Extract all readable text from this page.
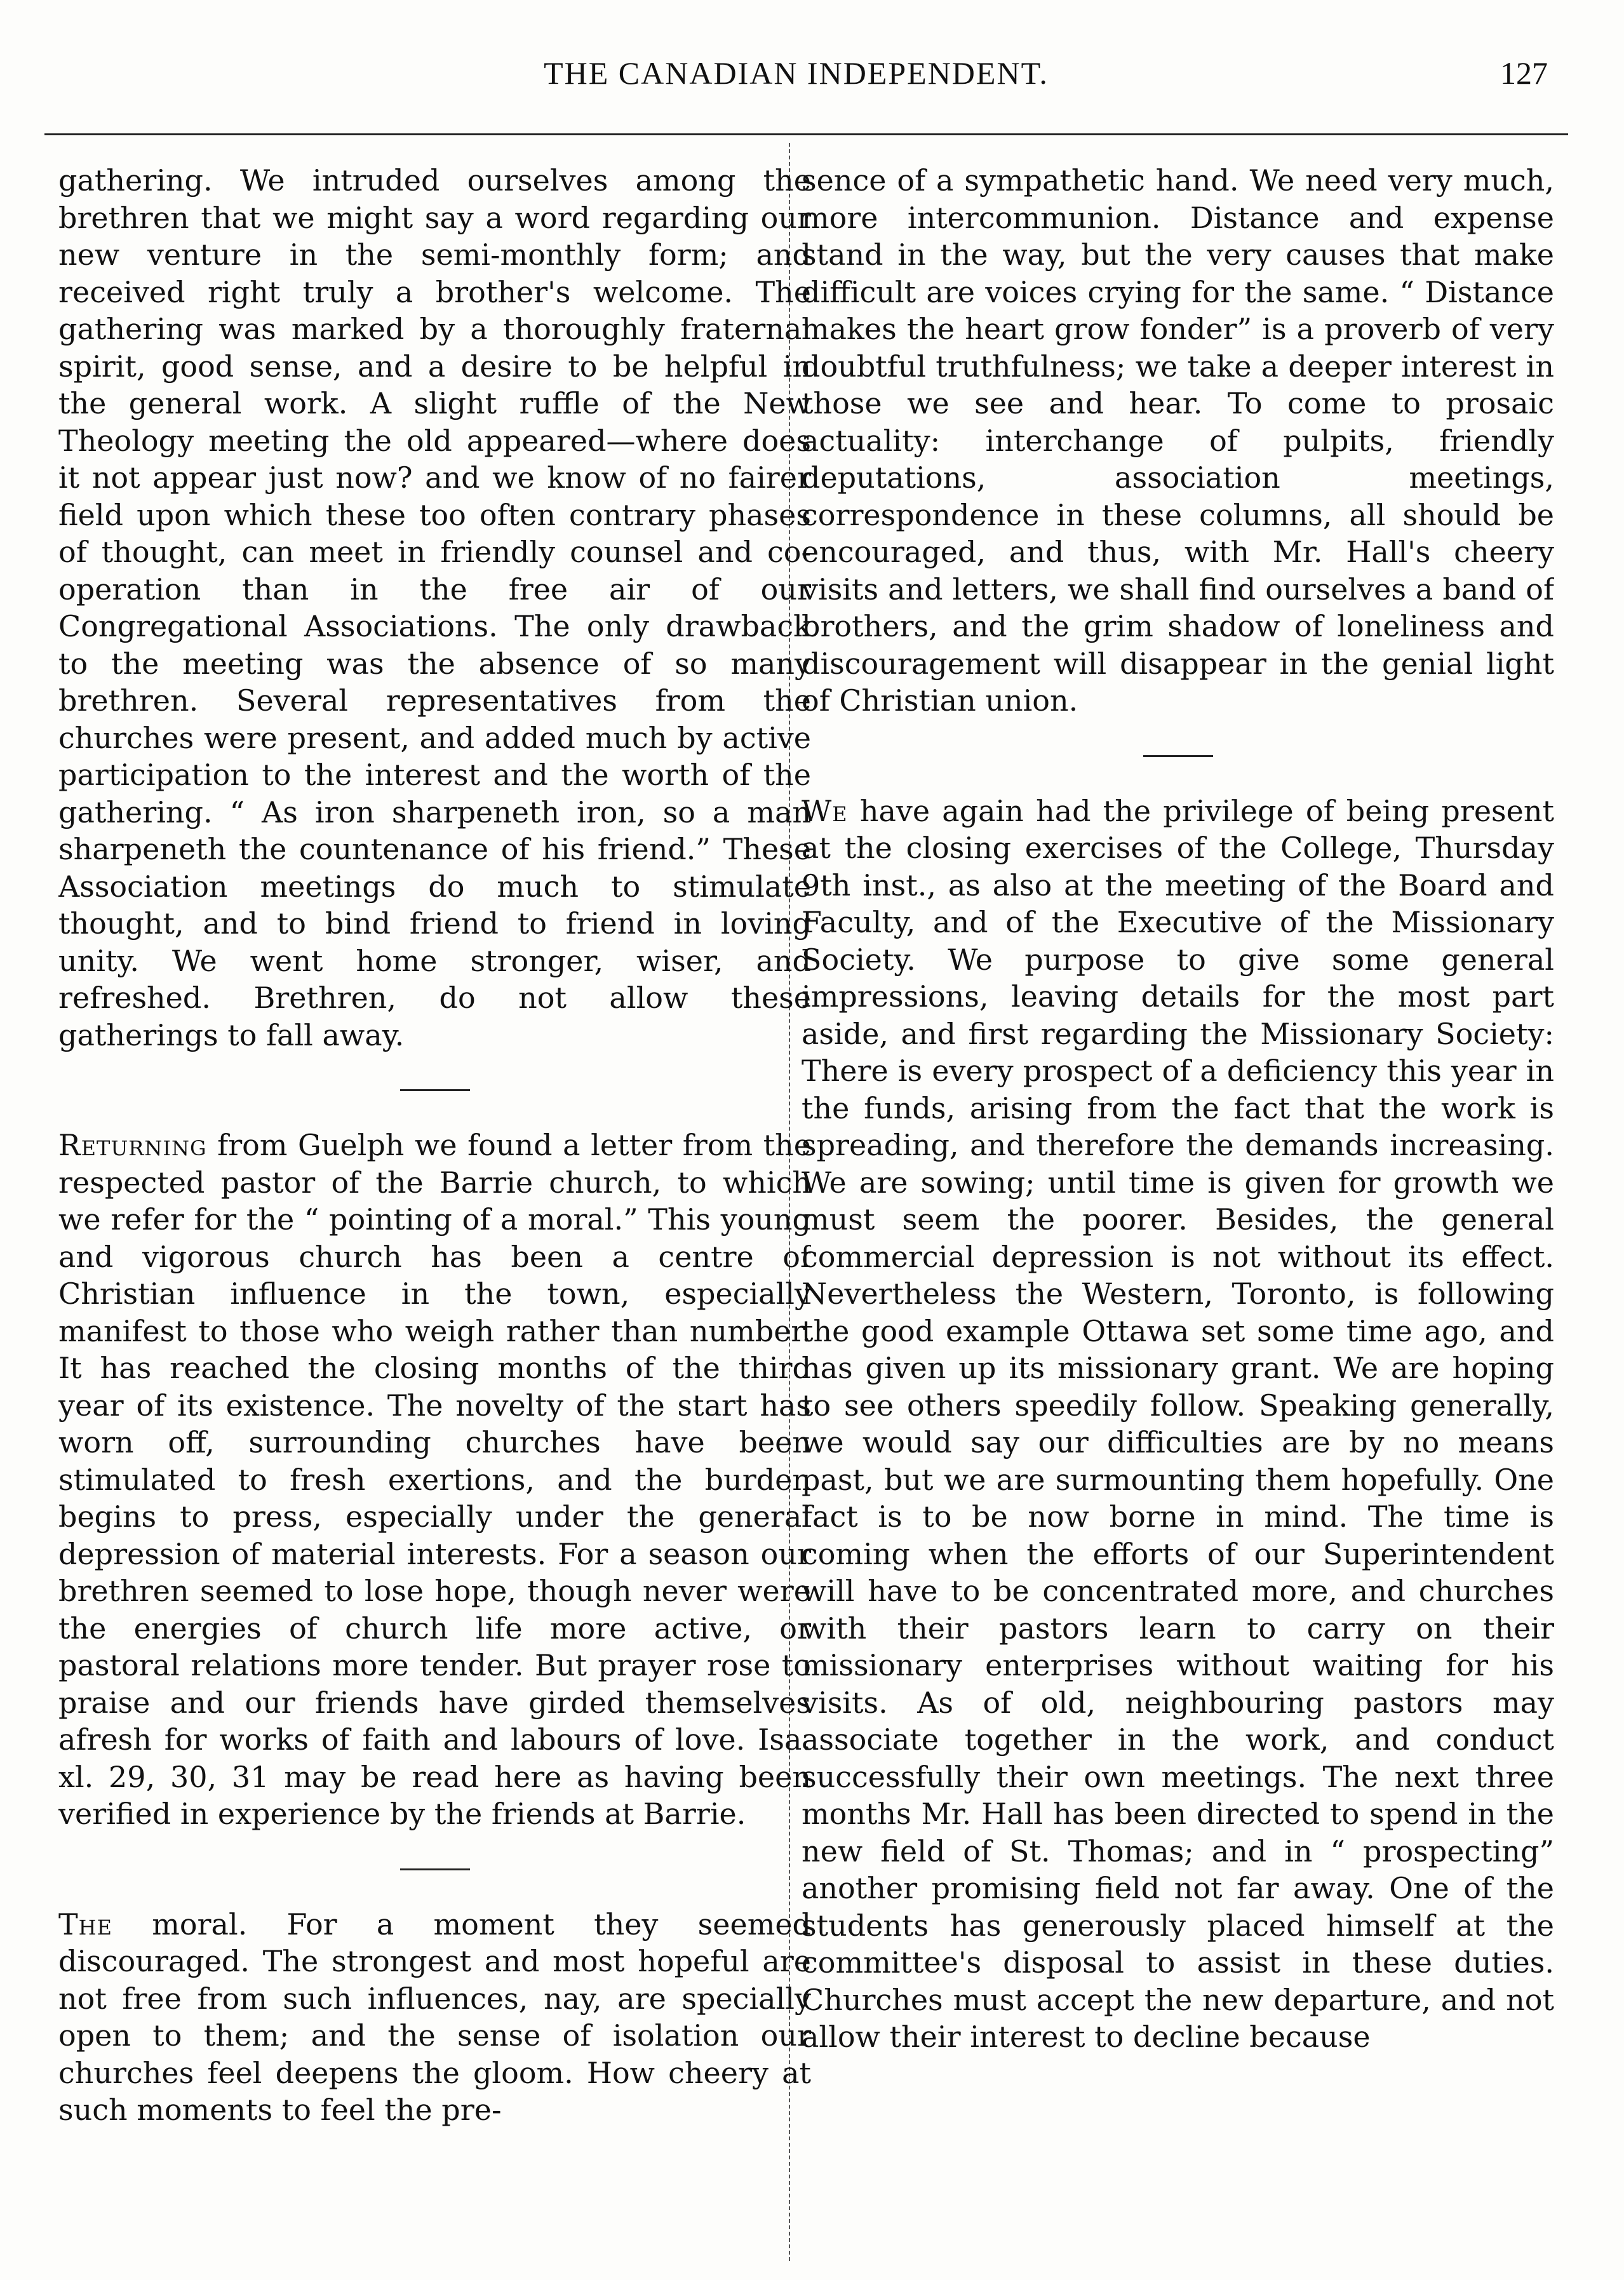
THE CANADIAN INDEPENDENT.	127

gathering. We intruded ourselves among the brethren that we might say a word regarding our new venture in the semi-monthly form; and received right truly a brother's welcome. The gathering was marked by a thoroughly fraternal spirit, good sense, and a desire to be helpful in the general work. A slight ruffle of the New Theology meeting the old appeared—where does it not appear just now? and we know of no fairer field upon which these too often contrary phases of thought, can meet in friendly counsel and co-operation than in the free air of our Congregational Associations. The only drawback to the meeting was the absence of so many brethren. Several representatives from the churches were present, and added much by active participation to the interest and the worth of the gathering. “ As iron sharpeneth iron, so a man sharpeneth the countenance of his friend.” These Association meetings do much to stimulate thought, and to bind friend to friend in loving unity. We went home stronger, wiser, and refreshed. Brethren, do not allow these gatherings to fall away.

Returning from Guelph we found a letter from the respected pastor of the Barrie church, to which we refer for the “ pointing of a moral.” This young and vigorous church has been a centre of Christian influence in the town, especially manifest to those who weigh rather than number. It has reached the closing months of the third year of its existence. The novelty of the start has worn off, surrounding churches have been stimulated to fresh exertions, and the burden begins to press, especially under the general depression of material interests. For a season our brethren seemed to lose hope, though never were the energies of church life more active, or pastoral relations more tender. But prayer rose to praise and our friends have girded themselves afresh for works of faith and labours of love. Isa. xl. 29, 30, 31 may be read here as having been verified in experience by the friends at Barrie.

The moral. For a moment they seemed discouraged. The strongest and most hopeful are not free from such influences, nay, are specially open to them; and the sense of isolation our churches feel deepens the gloom. How cheery at such moments to feel the pre-

sence of a sympathetic hand. We need very much, more intercommunion. Distance and expense stand in the way, but the very causes that make difficult are voices crying for the same. “ Distance makes the heart grow fonder” is a proverb of very doubtful truthfulness; we take a deeper interest in those we see and hear. To come to prosaic actuality: interchange of pulpits, friendly deputations, association meetings, correspondence in these columns, all should be encouraged, and thus, with Mr. Hall's cheery visits and letters, we shall find ourselves a band of brothers, and the grim shadow of loneliness and discouragement will disappear in the genial light of Christian union.

We have again had the privilege of being present at the closing exercises of the College, Thursday 9th inst., as also at the meeting of the Board and Faculty, and of the Executive of the Missionary Society. We purpose to give some general impressions, leaving details for the most part aside, and first regarding the Missionary Society: There is every prospect of a deficiency this year in the funds, arising from the fact that the work is spreading, and therefore the demands increasing. We are sowing; until time is given for growth we must seem the poorer. Besides, the general commercial depression is not without its effect. Nevertheless the Western, Toronto, is following the good example Ottawa set some time ago, and has given up its missionary grant. We are hoping to see others speedily follow. Speaking generally, we would say our difficulties are by no means past, but we are surmounting them hopefully. One fact is to be now borne in mind. The time is coming when the efforts of our Superintendent will have to be concentrated more, and churches with their pastors learn to carry on their missionary enterprises without waiting for his visits. As of old, neighbouring pastors may associate together in the work, and conduct successfully their own meetings. The next three months Mr. Hall has been directed to spend in the new field of St. Thomas; and in “ prospecting” another promising field not far away. One of the students has generously placed himself at the committee's disposal to assist in these duties. Churches must accept the new departure, and not allow their interest to decline because
